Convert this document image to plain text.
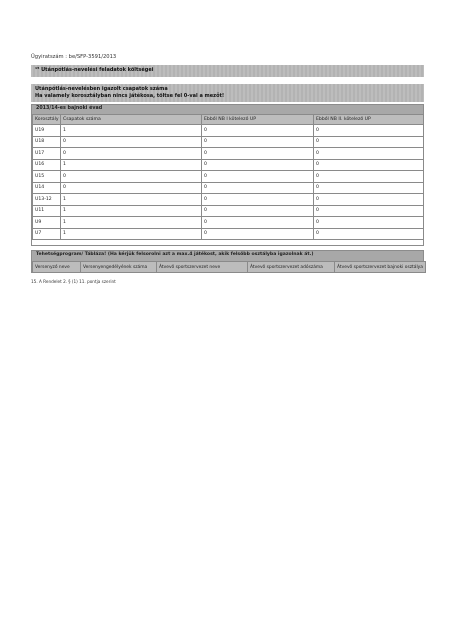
Ügyiratszám : be/SFP-3591/2013
¹⁵ Utánpótlás-nevelési feladatok költségei
Utánpótlás-nevelésben igazolt csapatok száma
Ha valamely korosztályban nincs játékosa, töltse fel 0-val a mezőt!
2013/14-es bajnoki évad
Korosztály	Csapatok száma	Ebből NB I kötelező UP	Ebből NB II. kötelező UP
U19	1	0	0
U18	0	0	0
U17	0	0	0
U16	1	0	0
U15	0	0	0
U14	0	0	0
U13-12	1	0	0
U11	1	0	0
U9	1	0	0
U7	1	0	0
Tehetségprogram/ Tábláza! (Ha kérjük felsorolni azt a max.4 játékost, akik felsőbb osztályba igazolnak át.)
Versenyző neve	Versenyengedélyének száma	Átvevő sportszervezet neve	Átvevő sportszervezet adószáma	Átvevő sportszervezet bajnoki osztálya
15. A Rendelet 2. § (1) 11. pontja szerint
